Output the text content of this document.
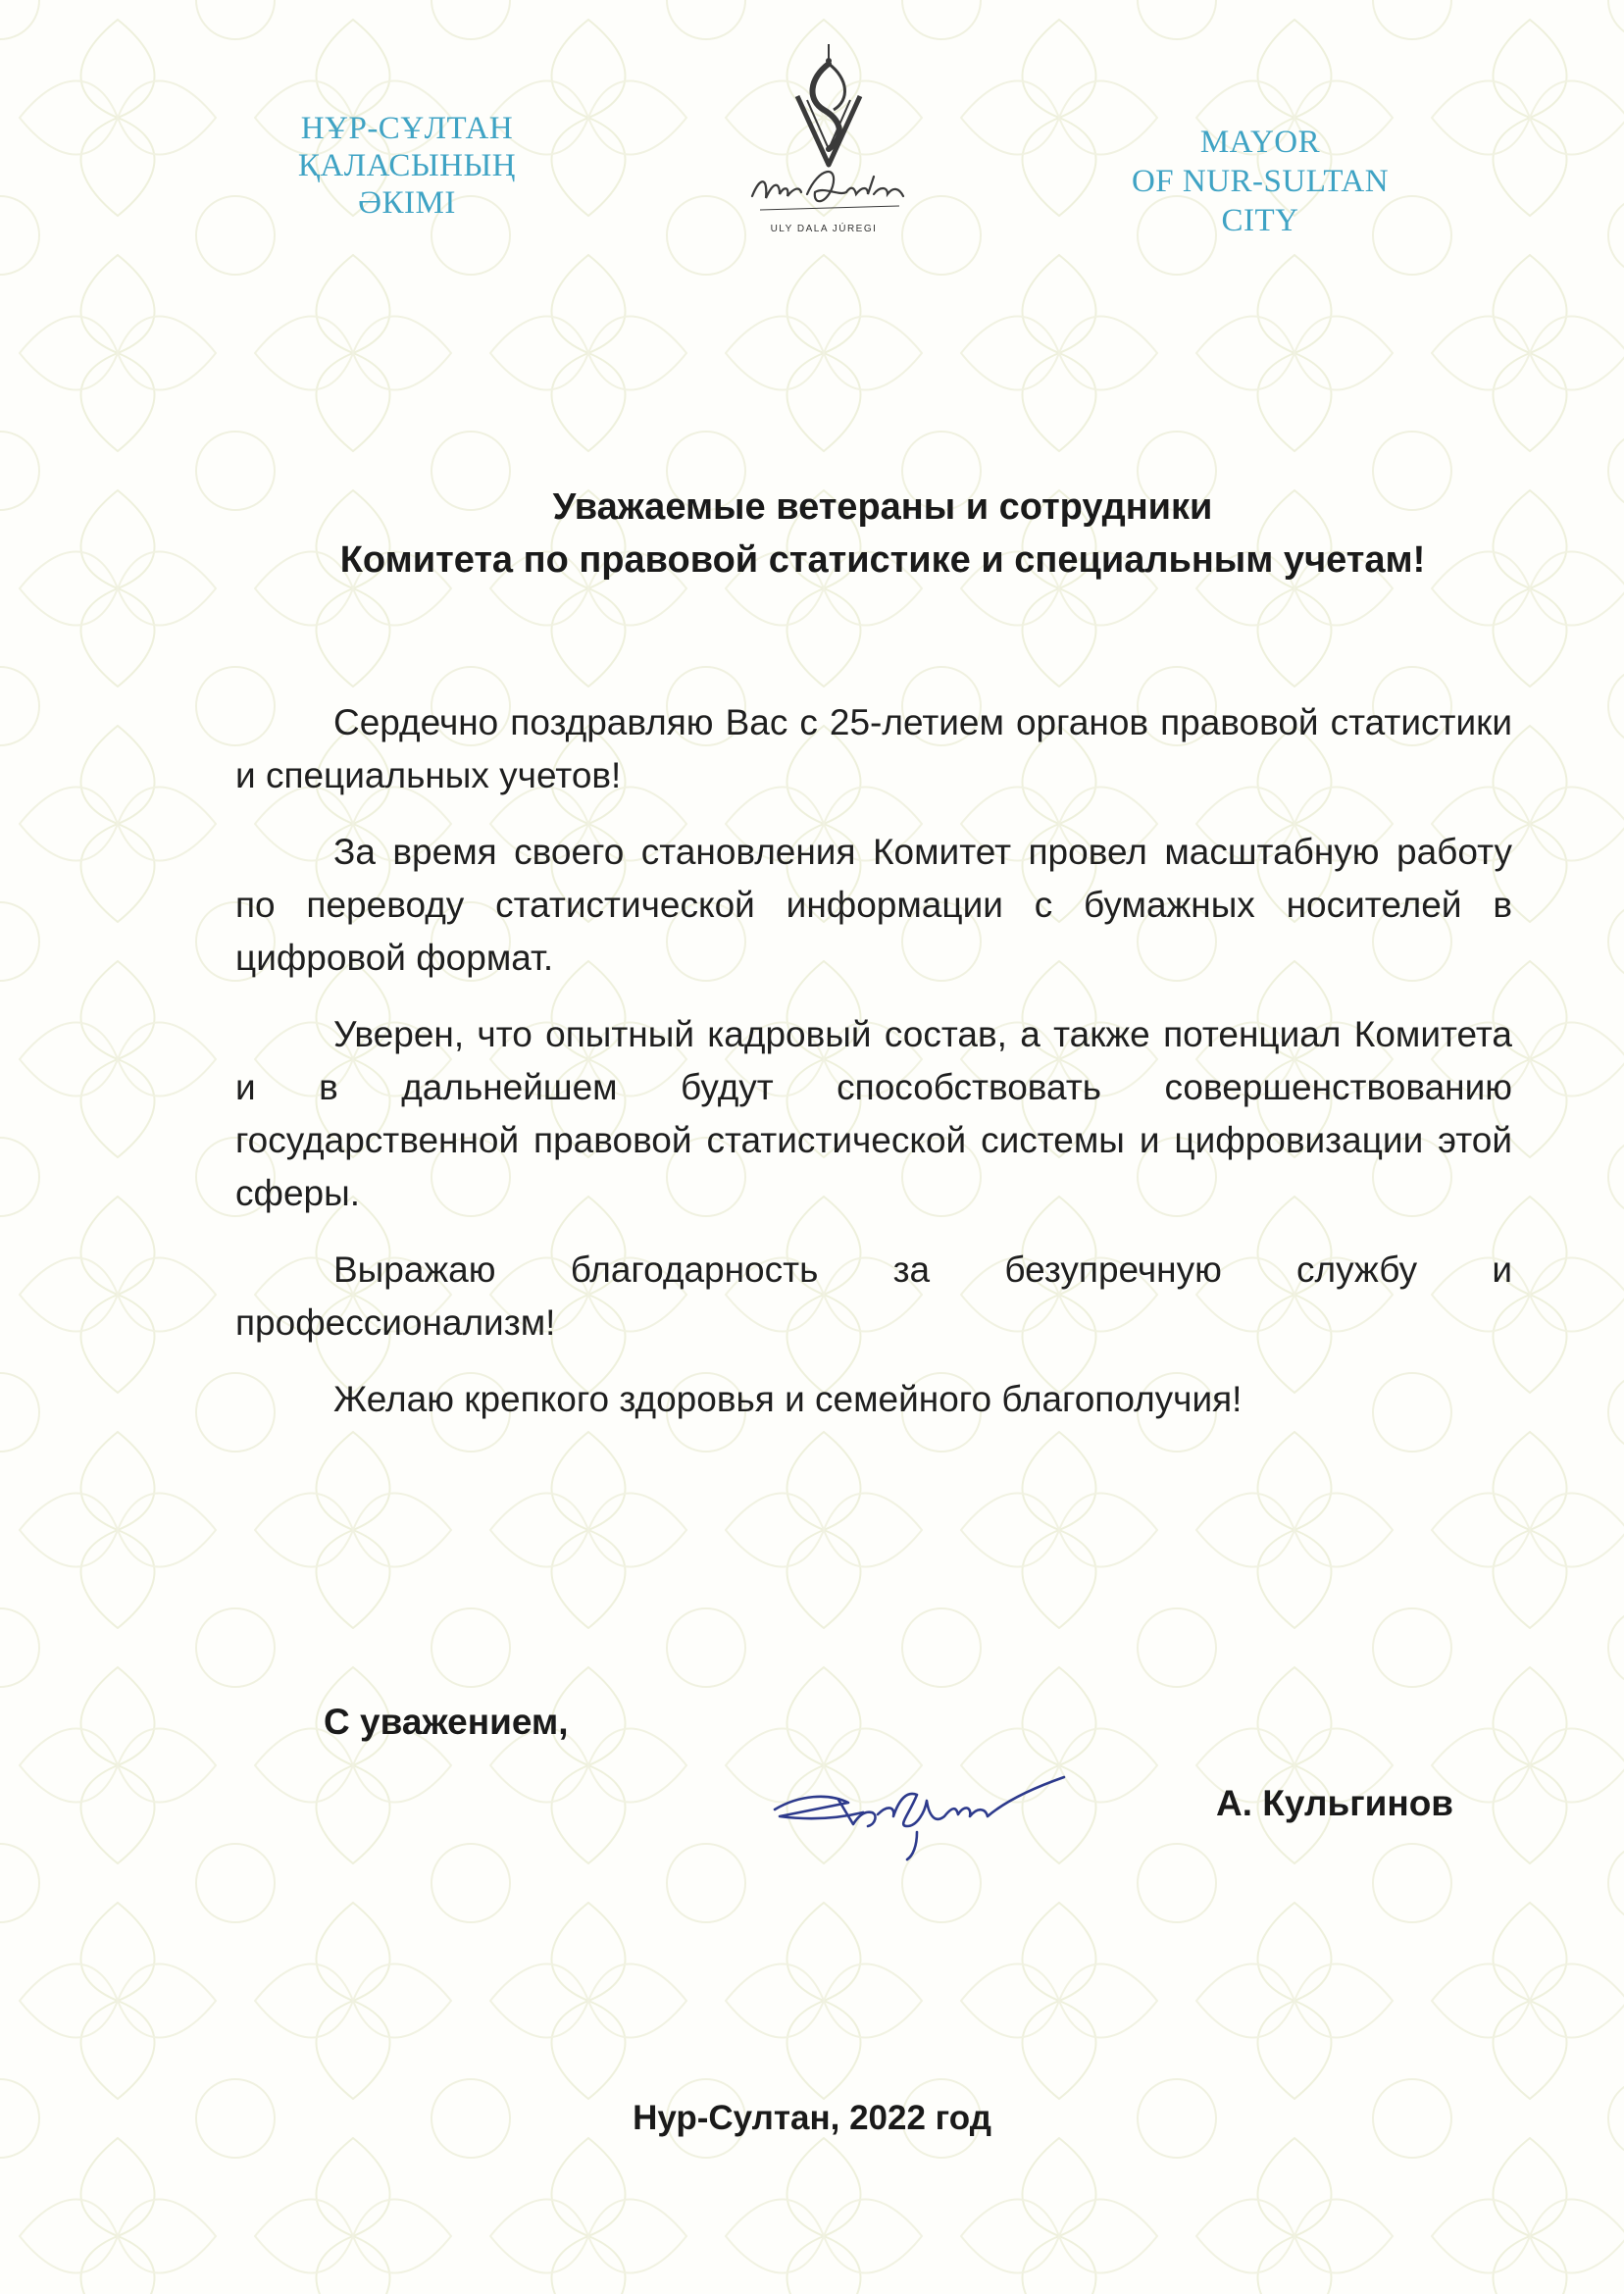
НҰР-СҰЛТАН
ҚАЛАСЫНЫҢ
ӘКІМІ
ULY DALA JÚREGI
MAYOR
OF NUR-SULTAN
CITY
Уважаемые ветераны и сотрудники
Комитета по правовой статистике и специальным учетам!

Сердечно поздравляю Вас с 25-летием органов правовой статистики и специальных учетов!

За время своего становления Комитет провел масштабную работу по переводу статистической информации с бумажных носителей в цифровой формат.

Уверен, что опытный кадровый состав, а также потенциал Комитета и в дальнейшем будут способствовать совершенствованию государственной правовой статистической системы и цифровизации этой сферы.

Выражаю благодарность за безупречную службу и профессионализм!

Желаю крепкого здоровья и семейного благополучия!

С уважением,
А. Кульгинов
Нур-Султан, 2022 год
